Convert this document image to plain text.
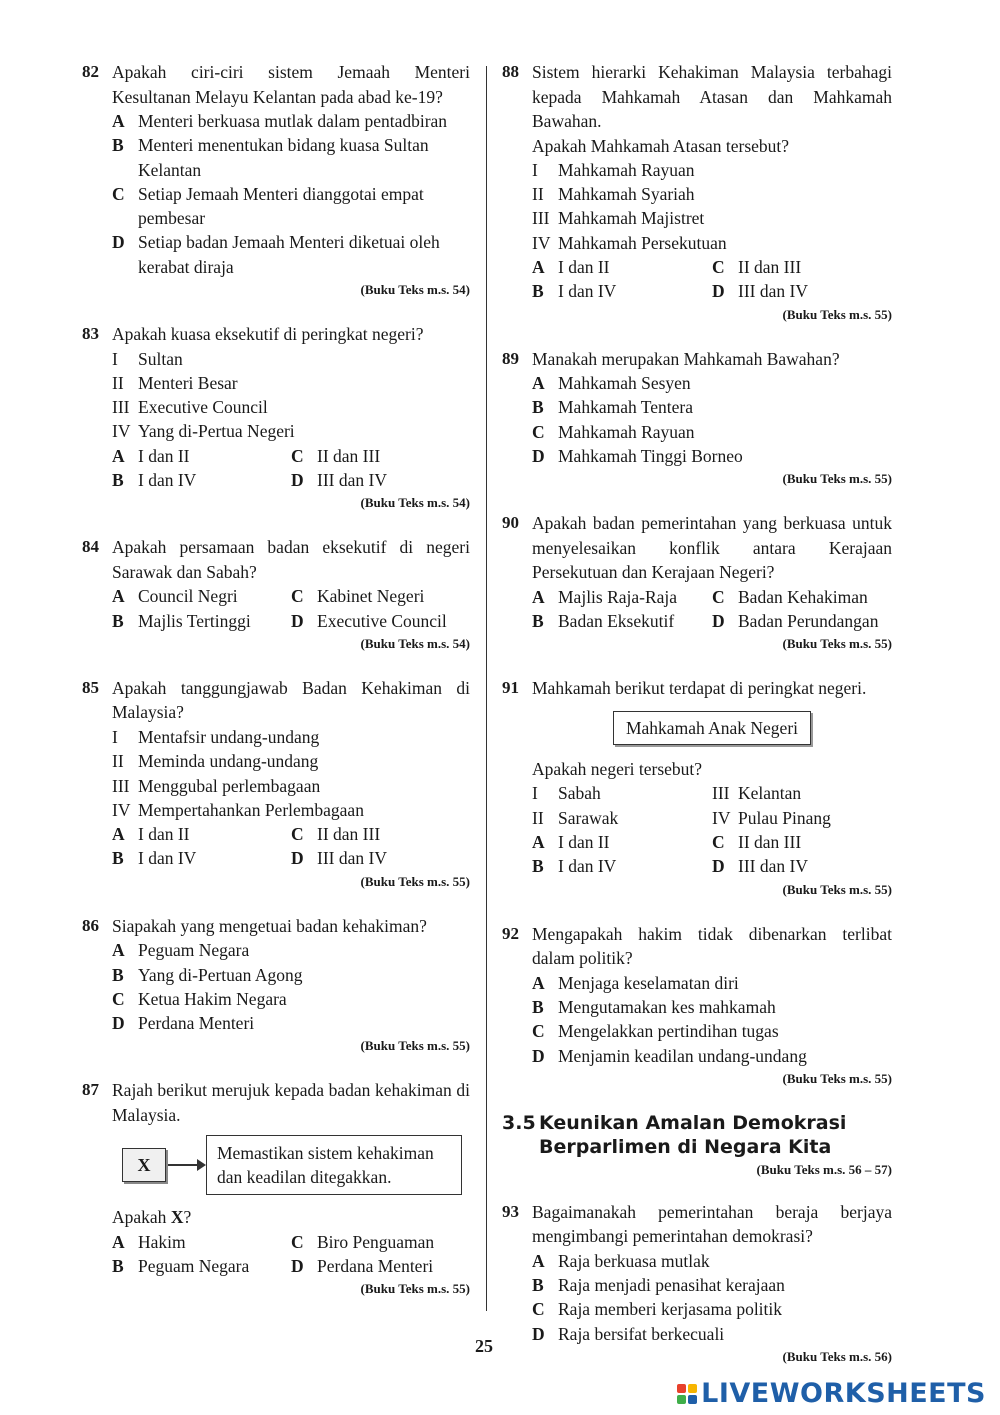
82 Apakah ciri-ciri sistem Jemaah Menteri Kesultanan Melayu Kelantan pada abad ke-19?
A Menteri berkuasa mutlak dalam pentadbiran
B Menteri menentukan bidang kuasa Sultan Kelantan
C Setiap Jemaah Menteri dianggotai empat pembesar
D Setiap badan Jemaah Menteri diketuai oleh kerabat diraja
(Buku Teks m.s. 54)
83 Apakah kuasa eksekutif di peringkat negeri?
I	Sultan
II Menteri Besar
III Executive Council
IV Yang di-Pertua Negeri
A I dan II	C II dan III
B I dan IV	D III dan IV
(Buku Teks m.s. 54)
84 Apakah persamaan badan eksekutif di negeri Sarawak dan Sabah?
A Council Negri	C Kabinet Negeri
B Majlis Tertinggi	D Executive Council
(Buku Teks m.s. 54)
85 Apakah tanggungjawab Badan Kehakiman di Malaysia?
I	Mentafsir undang-undang
II Meminda undang-undang
III Menggubal perlembagaan
IV Mempertahankan Perlembagaan
A I dan II	C II dan III
B I dan IV	D III dan IV
(Buku Teks m.s. 55)
86 Siapakah yang mengetuai badan kehakiman?
A Peguam Negara
B Yang di-Pertuan Agong
C Ketua Hakim Negara
D Perdana Menteri
(Buku Teks m.s. 55)
87 Rajah berikut merujuk kepada badan kehakiman di Malaysia.
X
Memastikan sistem kehakiman dan keadilan ditegakkan.
Apakah X?
A Hakim	C Biro Penguaman
B Peguam Negara	D Perdana Menteri
(Buku Teks m.s. 55)
88 Sistem hierarki Kehakiman Malaysia terbahagi kepada Mahkamah Atasan dan Mahkamah Bawahan.
Apakah Mahkamah Atasan tersebut?
I	Mahkamah Rayuan
II Mahkamah Syariah
III Mahkamah Majistret
IV Mahkamah Persekutuan
A I dan II	C II dan III
B I dan IV	D III dan IV
(Buku Teks m.s. 55)
89 Manakah merupakan Mahkamah Bawahan?
A Mahkamah Sesyen
B Mahkamah Tentera
C Mahkamah Rayuan
D Mahkamah Tinggi Borneo
(Buku Teks m.s. 55)
90 Apakah badan pemerintahan yang berkuasa untuk menyelesaikan konflik antara Kerajaan Persekutuan dan Kerajaan Negeri?
A Majlis Raja-Raja	C Badan Kehakiman
B Badan Eksekutif	D Badan Perundangan
(Buku Teks m.s. 55)
91 Mahkamah berikut terdapat di peringkat negeri.
Mahkamah Anak Negeri
Apakah negeri tersebut?
I	Sabah	III Kelantan
II Sarawak	IV Pulau Pinang
A I dan II	C II dan III
B I dan IV	D III dan IV
(Buku Teks m.s. 55)
92 Mengapakah hakim tidak dibenarkan terlibat dalam politik?
A Menjaga keselamatan diri
B Mengutamakan kes mahkamah
C Mengelakkan pertindihan tugas
D Menjamin keadilan undang-undang
(Buku Teks m.s. 55)
3.5 Keunikan Amalan Demokrasi Berparlimen di Negara Kita
(Buku Teks m.s. 56 – 57)
93 Bagaimanakah pemerintahan beraja berjaya mengimbangi pemerintahan demokrasi?
A Raja berkuasa mutlak
B Raja menjadi penasihat kerajaan
C Raja memberi kerjasama politik
D Raja bersifat berkecuali
(Buku Teks m.s. 56)
25
LIVEWORKSHEETS
